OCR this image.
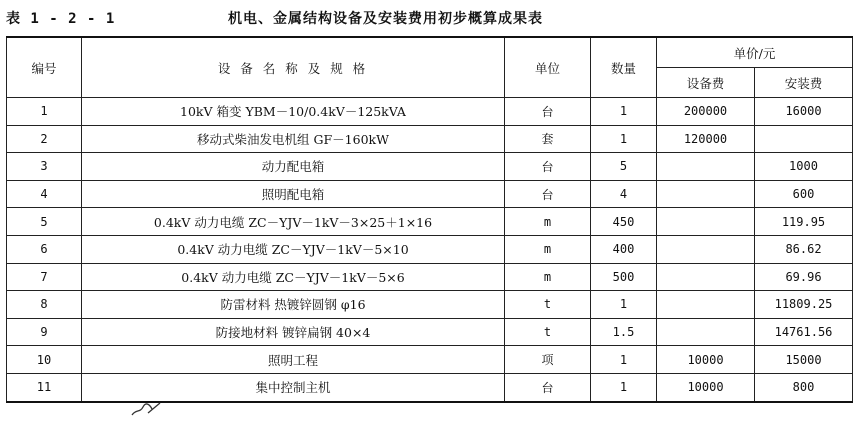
表 1 - 2 - 1	机电、金属结构设备及安装费用初步概算成果表
编号	设 备 名 称 及 规 格	单位	数量	单价/元	
				设备费	安装费
1	10kV 箱变 YBM－10/0.4kV－125kVA	台	1	200000	16000
2	移动式柴油发电机组 GF－160kW	套	1	120000	
3	动力配电箱	台	5		1000
4	照明配电箱	台	4		600
5	0.4kV 动力电缆 ZC－YJV－1kV－3×25＋1×16	m	450		119.95
6	0.4kV 动力电缆 ZC－YJV－1kV－5×10	m	400		86.62
7	0.4kV 动力电缆 ZC－YJV－1kV－5×6	m	500		69.96
8	防雷材料 热镀锌圆钢 φ16	t	1		11809.25
9	防接地材料 镀锌扁钢 40×4	t	1.5		14761.56
10	照明工程	项	1	10000	15000
11	集中控制主机	台	1	10000	800
